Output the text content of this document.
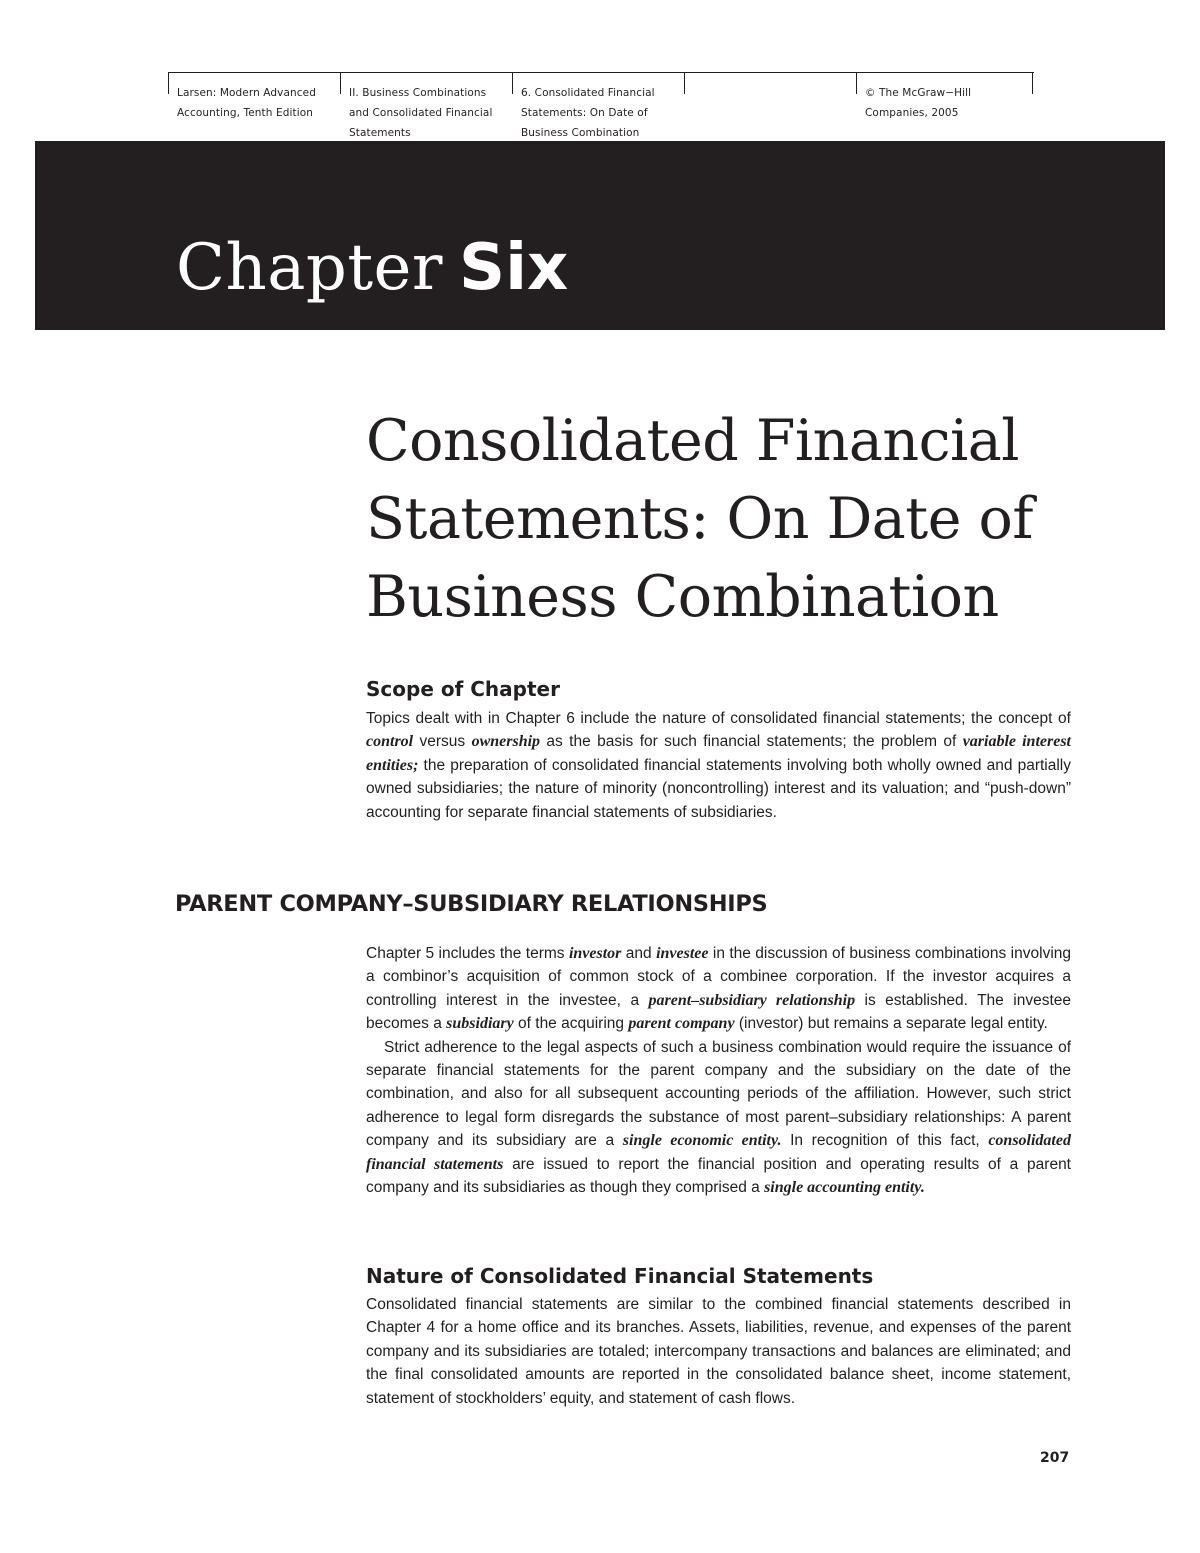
Larsen: Modern Advanced
Accounting, Tenth Edition
II. Business Combinations
and Consolidated Financial
Statements
6. Consolidated Financial
Statements: On Date of
Business Combination
© The McGraw−Hill
Companies, 2005
Chapter Six
Consolidated Financial
Statements: On Date of
Business Combination
Scope of Chapter

Topics dealt with in Chapter 6 include the nature of consolidated financial statements; the concept of control versus ownership as the basis for such financial statements; the problem of variable interest entities; the preparation of consolidated financial statements involving both wholly owned and partially owned subsidiaries; the nature of minority (noncontrolling) interest and its valuation; and “push-down” accounting for separate financial statements of subsidiaries.

PARENT COMPANY–SUBSIDIARY RELATIONSHIPS

Chapter 5 includes the terms investor and investee in the discussion of business combinations involving a combinor’s acquisition of common stock of a combinee corporation. If the investor acquires a controlling interest in the investee, a parent–subsidiary relationship is established. The investee becomes a subsidiary of the acquiring parent company (investor) but remains a separate legal entity.

Strict adherence to the legal aspects of such a business combination would require the issuance of separate financial statements for the parent company and the subsidiary on the date of the combination, and also for all subsequent accounting periods of the affiliation. However, such strict adherence to legal form disregards the substance of most parent–subsidiary relationships: A parent company and its subsidiary are a single economic entity. In recognition of this fact, consolidated financial statements are issued to report the financial position and operating results of a parent company and its subsidiaries as though they comprised a single accounting entity.

Nature of Consolidated Financial Statements

Consolidated financial statements are similar to the combined financial statements described in Chapter 4 for a home office and its branches. Assets, liabilities, revenue, and expenses of the parent company and its subsidiaries are totaled; intercompany transactions and balances are eliminated; and the final consolidated amounts are reported in the consolidated balance sheet, income statement, statement of stockholders’ equity, and statement of cash flows.

207
